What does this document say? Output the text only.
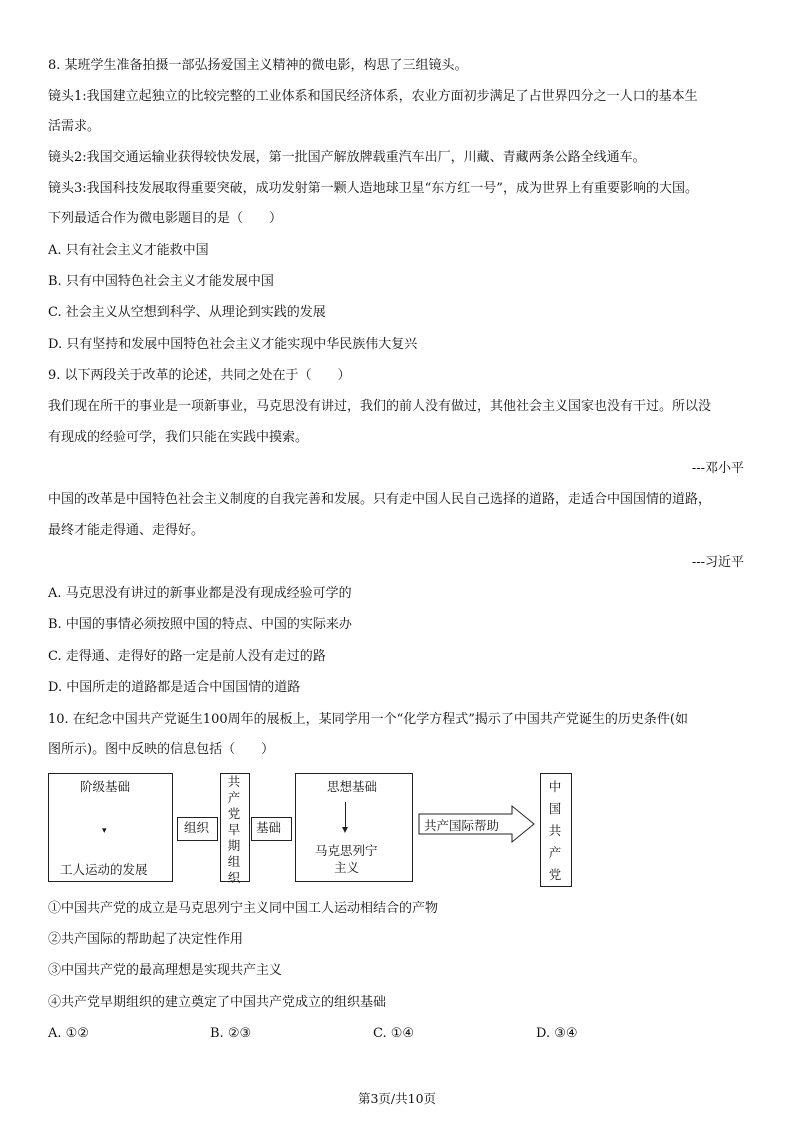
8. 某班学生准备拍摄一部弘扬爱国主义精神的微电影，构思了三组镜头。
镜头1:我国建立起独立的比较完整的工业体系和国民经济体系，农业方面初步满足了占世界四分之一人口的基本生
活需求。
镜头2:我国交通运输业获得较快发展，第一批国产解放牌载重汽车出厂，川藏、青藏两条公路全线通车。
镜头3:我国科技发展取得重要突破，成功发射第一颗人造地球卫星“东方红一号”，成为世界上有重要影响的大国。
下列最适合作为微电影题目的是（　　）
A. 只有社会主义才能救中国
B. 只有中国特色社会主义才能发展中国
C. 社会主义从空想到科学、从理论到实践的发展
D. 只有坚持和发展中国特色社会主义才能实现中华民族伟大复兴
9. 以下两段关于改革的论述，共同之处在于（　　）
我们现在所干的事业是一项新事业，马克思没有讲过，我们的前人没有做过，其他社会主义国家也没有干过。所以没
有现成的经验可学，我们只能在实践中摸索。
---邓小平
中国的改革是中国特色社会主义制度的自我完善和发展。只有走中国人民自己选择的道路，走适合中国国情的道路，
最终才能走得通、走得好。
---习近平
A. 马克思没有讲过的新事业都是没有现成经验可学的
B. 中国的事情必须按照中国的特点、中国的实际来办
C. 走得通、走得好的路一定是前人没有走过的路
D. 中国所走的道路都是适合中国国情的道路
10. 在纪念中国共产党诞生100周年的展板上，某同学用一个“化学方程式”揭示了中国共产党诞生的历史条件(如
图所示)。图中反映的信息包括（　　）
阶级基础
▾
工人运动的发展
组织
共
产
党
早
期
组
织
基础
思想基础
马克思列宁
主义
共产国际帮助
中
国
共
产
党
①中国共产党的成立是马克思列宁主义同中国工人运动相结合的产物
②共产国际的帮助起了决定性作用
③中国共产党的最高理想是实现共产主义
④共产党早期组织的建立奠定了中国共产党成立的组织基础
A. ①②	B. ②③	C. ①④	D. ③④
第3页/共10页
